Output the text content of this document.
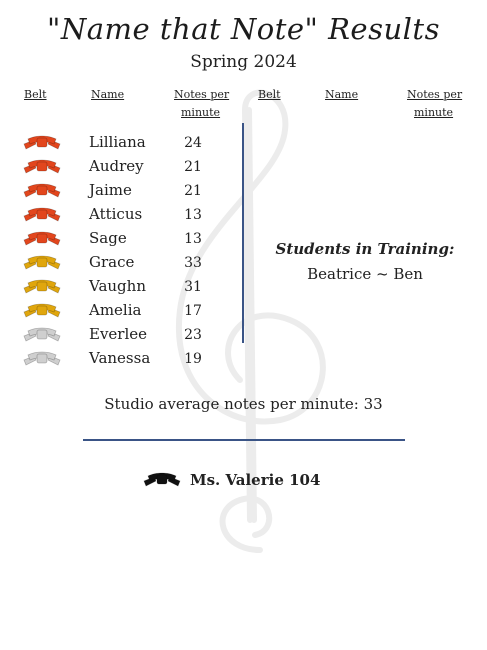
"Name that Note" Results
Spring 2024
Belt	Name	Notes per
minute
Belt	Name	Notes per
minute
Lilliana	24
Audrey	21
Jaime	21
Atticus	13
Sage	13
Grace	33
Vaughn	31
Amelia	17
Everlee	23
Vanessa	19
Students in Training:
Beatrice ~ Ben
Studio average notes per minute: 33
Ms. Valerie 104
